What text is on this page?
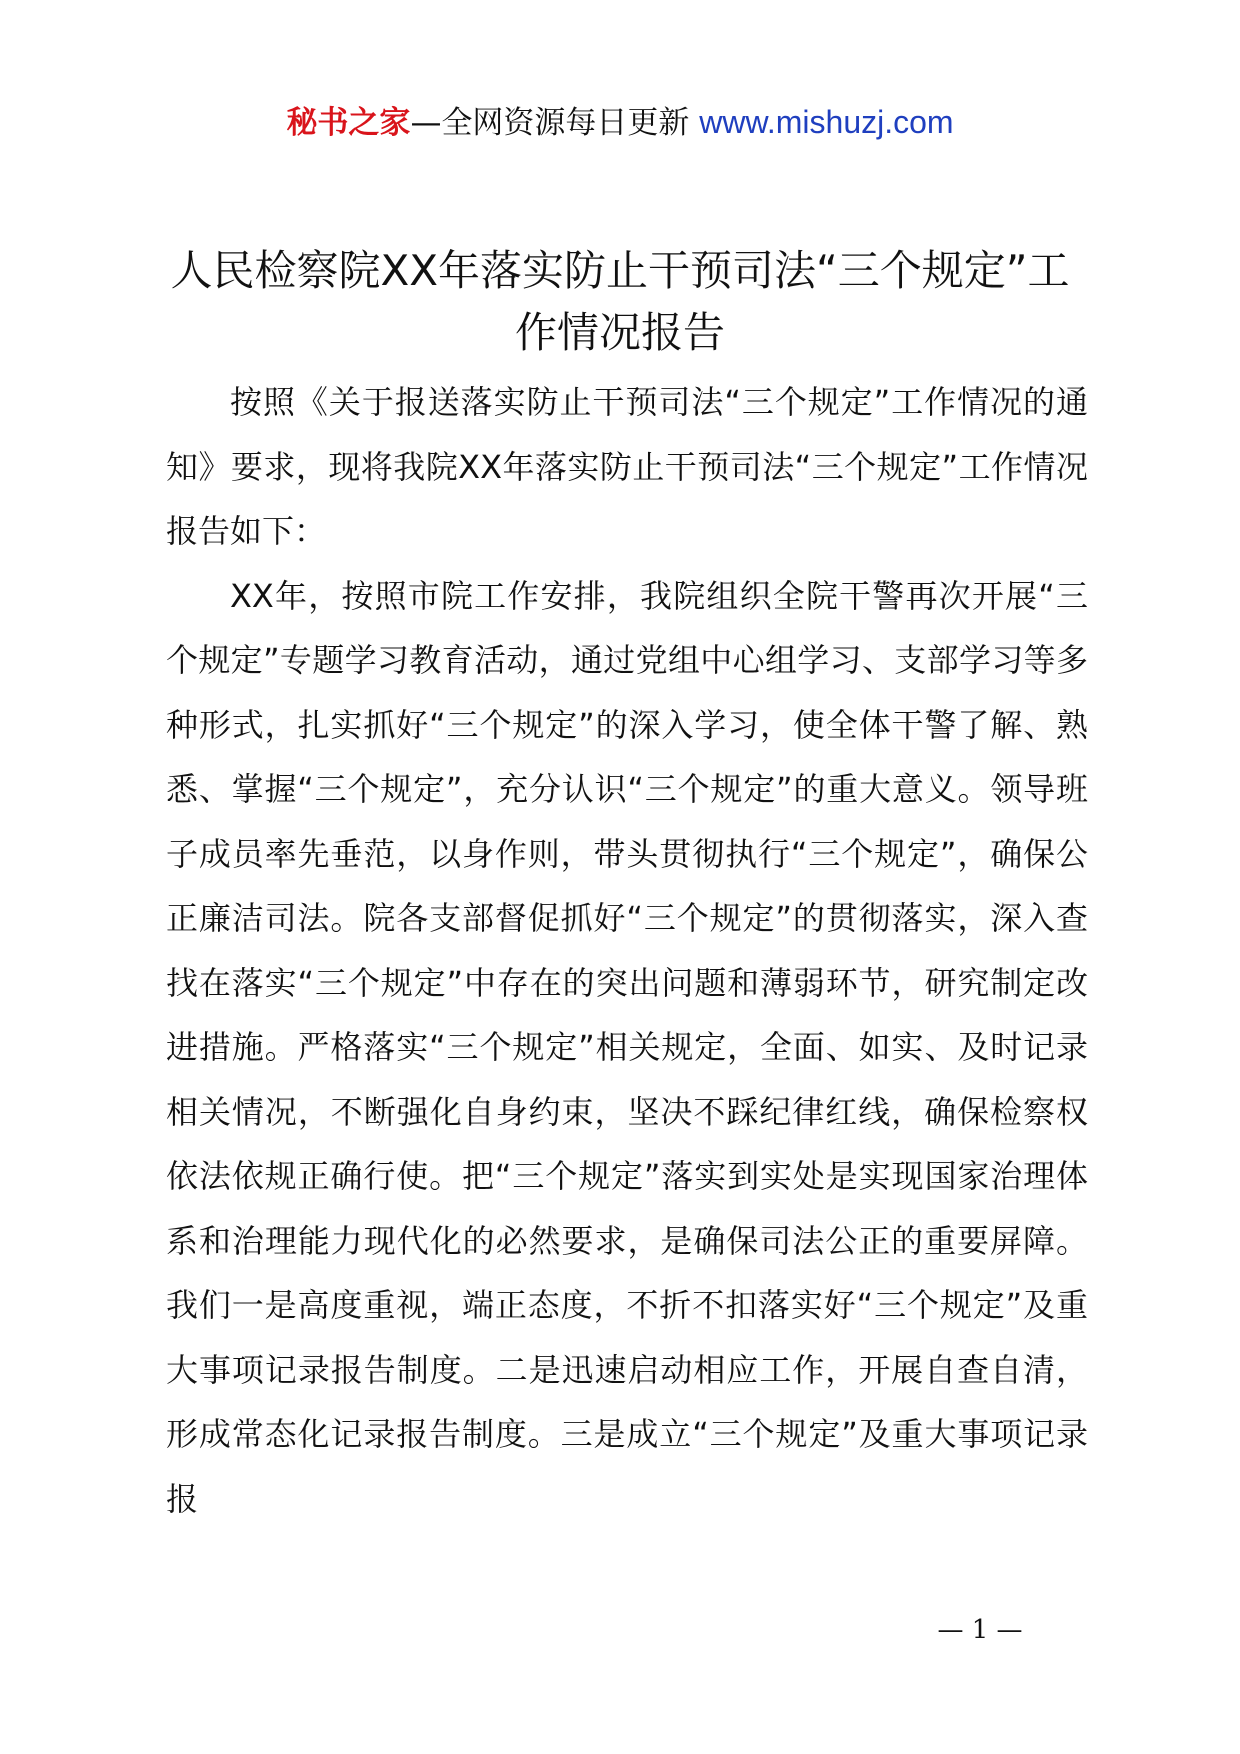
秘书之家—全网资源每日更新 www.mishuzj.com
人民检察院XX年落实防止干预司法“三个规定”工作情况报告

按照《关于报送落实防止干预司法“三个规定”工作情况的通知》要求，现将我院XX年落实防止干预司法“三个规定”工作情况报告如下：

XX年，按照市院工作安排，我院组织全院干警再次开展“三个规定”专题学习教育活动，通过党组中心组学习、支部学习等多种形式，扎实抓好“三个规定”的深入学习，使全体干警了解、熟悉、掌握“三个规定”，充分认识“三个规定”的重大意义。领导班子成员率先垂范，以身作则，带头贯彻执行“三个规定”，确保公正廉洁司法。院各支部督促抓好“三个规定”的贯彻落实，深入查找在落实“三个规定”中存在的突出问题和薄弱环节，研究制定改进措施。严格落实“三个规定”相关规定，全面、如实、及时记录相关情况，不断强化自身约束，坚决不踩纪律红线，确保检察权依法依规正确行使。把“三个规定”落实到实处是实现国家治理体系和治理能力现代化的必然要求，是确保司法公正的重要屏障。我们一是高度重视，端正态度，不折不扣落实好“三个规定”及重大事项记录报告制度。二是迅速启动相应工作，开展自查自清，形成常态化记录报告制度。三是成立“三个规定”及重大事项记录报

— 1 —
